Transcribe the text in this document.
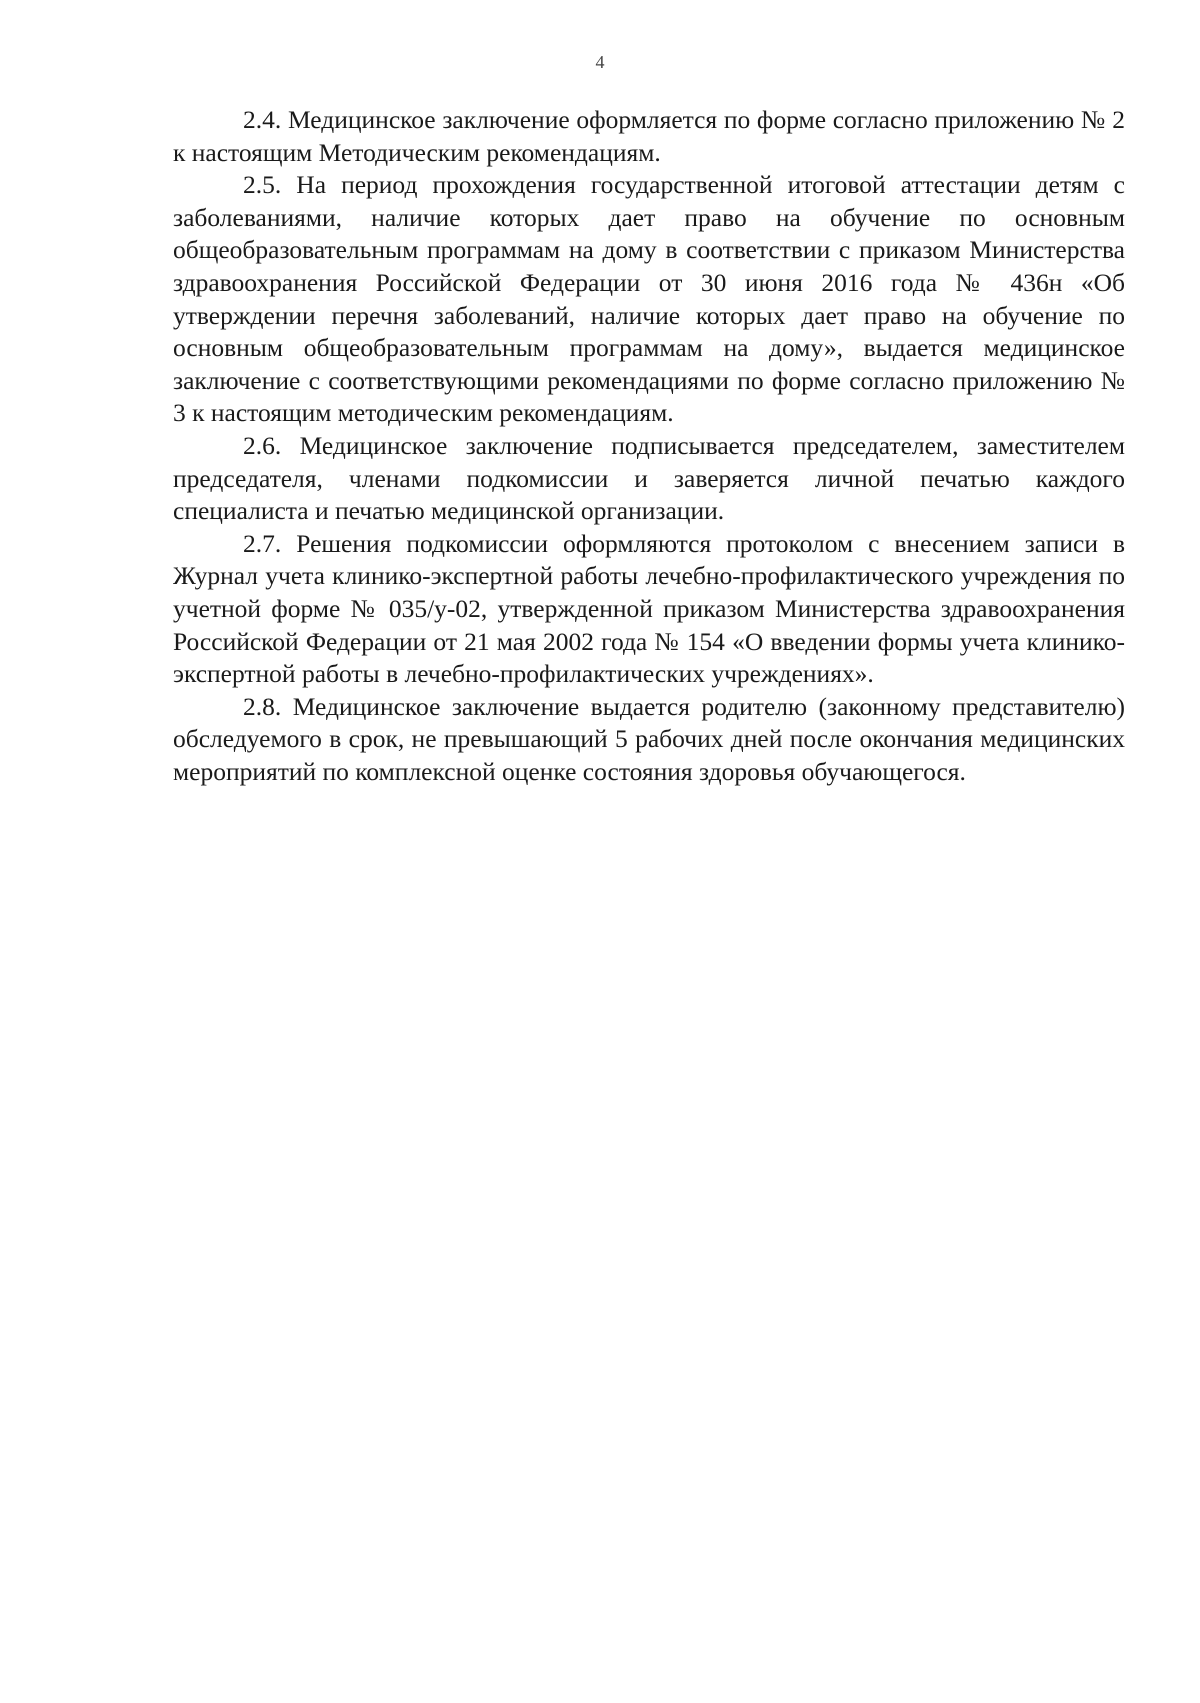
4

2.4. Медицинское заключение оформляется по форме согласно приложению № 2 к настоящим Методическим рекомендациям.

2.5. На период прохождения государственной итоговой аттестации детям с заболеваниями, наличие которых дает право на обучение по основным общеобразовательным программам на дому в соответствии с приказом Министерства здравоохранения Российской Федерации от 30 июня 2016 года № 436н «Об утверждении перечня заболеваний, наличие которых дает право на обучение по основным общеобразовательным программам на дому», выдается медицинское заключение с соответствующими рекомендациями по форме согласно приложению № 3 к настоящим методическим рекомендациям.

2.6. Медицинское заключение подписывается председателем, заместителем председателя, членами подкомиссии и заверяется личной печатью каждого специалиста и печатью медицинской организации.

2.7. Решения подкомиссии оформляются протоколом с внесением записи в Журнал учета клинико-экспертной работы лечебно-профилактического учреждения по учетной форме № 035/у-02, утвержденной приказом Министерства здравоохранения Российской Федерации от 21 мая 2002 года № 154 «О введении формы учета клинико-экспертной работы в лечебно-профилактических учреждениях».

2.8. Медицинское заключение выдается родителю (законному представителю) обследуемого в срок, не превышающий 5 рабочих дней после окончания медицинских мероприятий по комплексной оценке состояния здоровья обучающегося.
